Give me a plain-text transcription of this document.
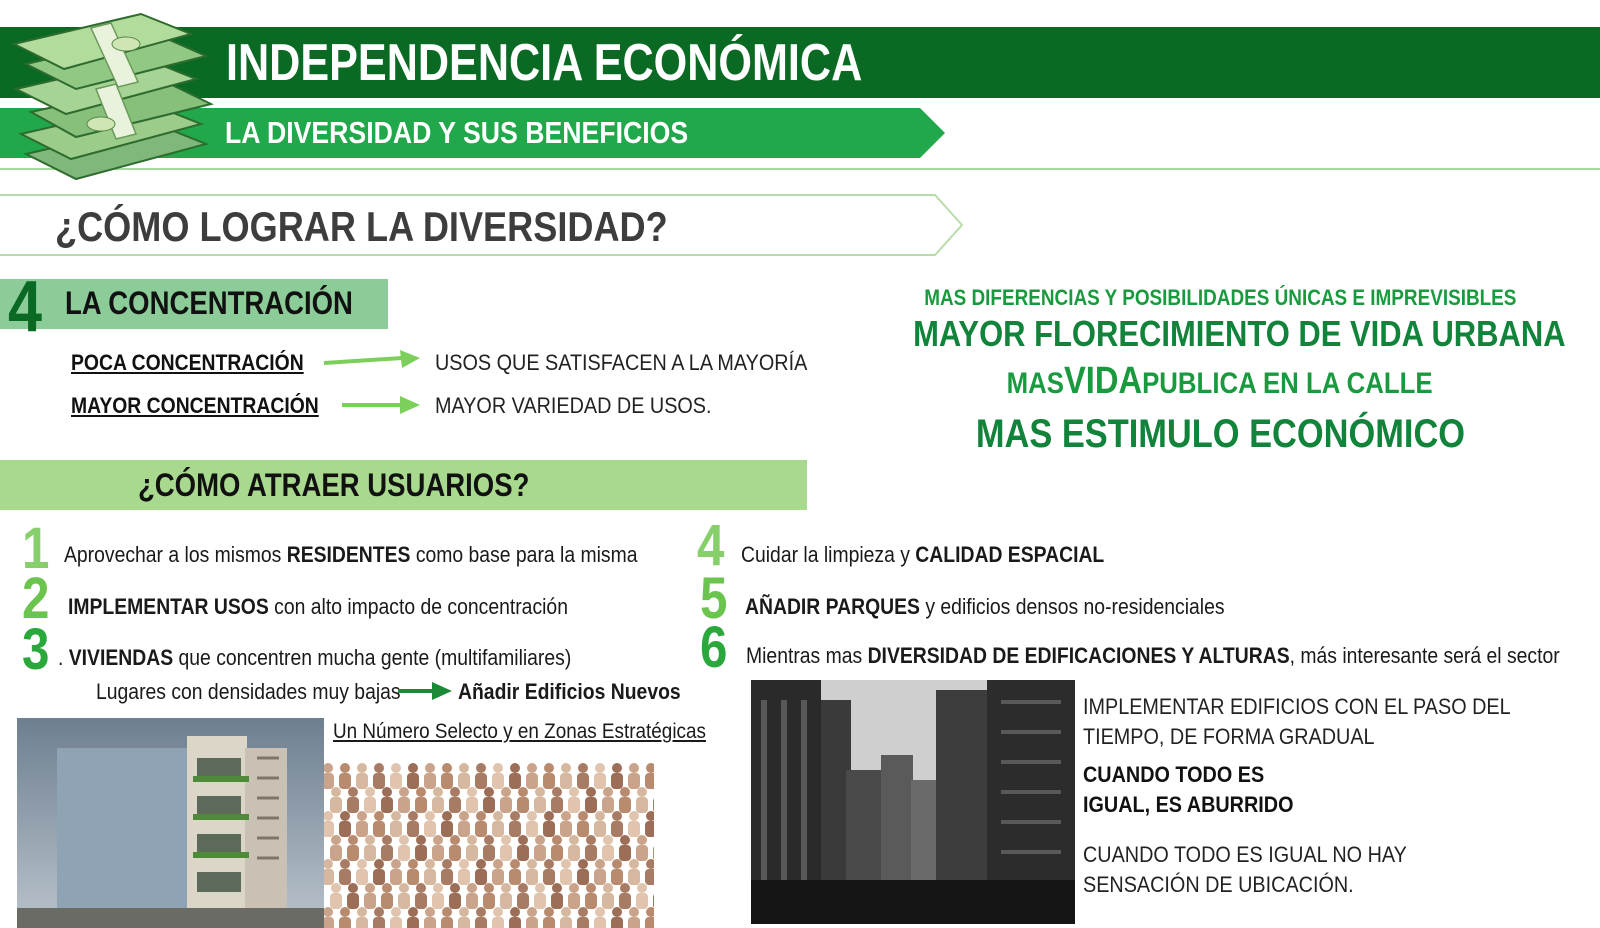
INDEPENDENCIA ECONÓMICA
LA DIVERSIDAD Y SUS BENEFICIOS
¿CÓMO LOGRAR LA DIVERSIDAD?
4 LA CONCENTRACIÓN
POCA CONCENTRACIÓN	USOS QUE SATISFACEN A LA MAYORÍA
MAYOR CONCENTRACIÓN	MAYOR VARIEDAD DE USOS.
MAS DIFERENCIAS Y POSIBILIDADES ÚNICAS E IMPREVISIBLES
MAYOR FLORECIMIENTO DE VIDA URBANA
MASVIDAPUBLICA EN LA CALLE
MAS ESTIMULO ECONÓMICO
¿CÓMO ATRAER USUARIOS?
1 Aprovechar a los mismos RESIDENTES como base para la misma
2 IMPLEMENTAR USOS con alto impacto de concentración
3 . VIVIENDAS que concentren mucha gente (multifamiliares)
Lugares con densidades muy bajas	Añadir Edificios Nuevos
Un Número Selecto y en Zonas Estratégicas
4 Cuidar la limpieza y CALIDAD ESPACIAL
5 AÑADIR PARQUES y edificios densos no-residenciales
6 Mientras mas DIVERSIDAD DE EDIFICACIONES Y ALTURAS, más interesante será el sector
IMPLEMENTAR EDIFICIOS CON EL PASO DEL
TIEMPO, DE FORMA GRADUAL
CUANDO TODO ES
IGUAL, ES ABURRIDO
CUANDO TODO ES IGUAL NO HAY
SENSACIÓN DE UBICACIÓN.
